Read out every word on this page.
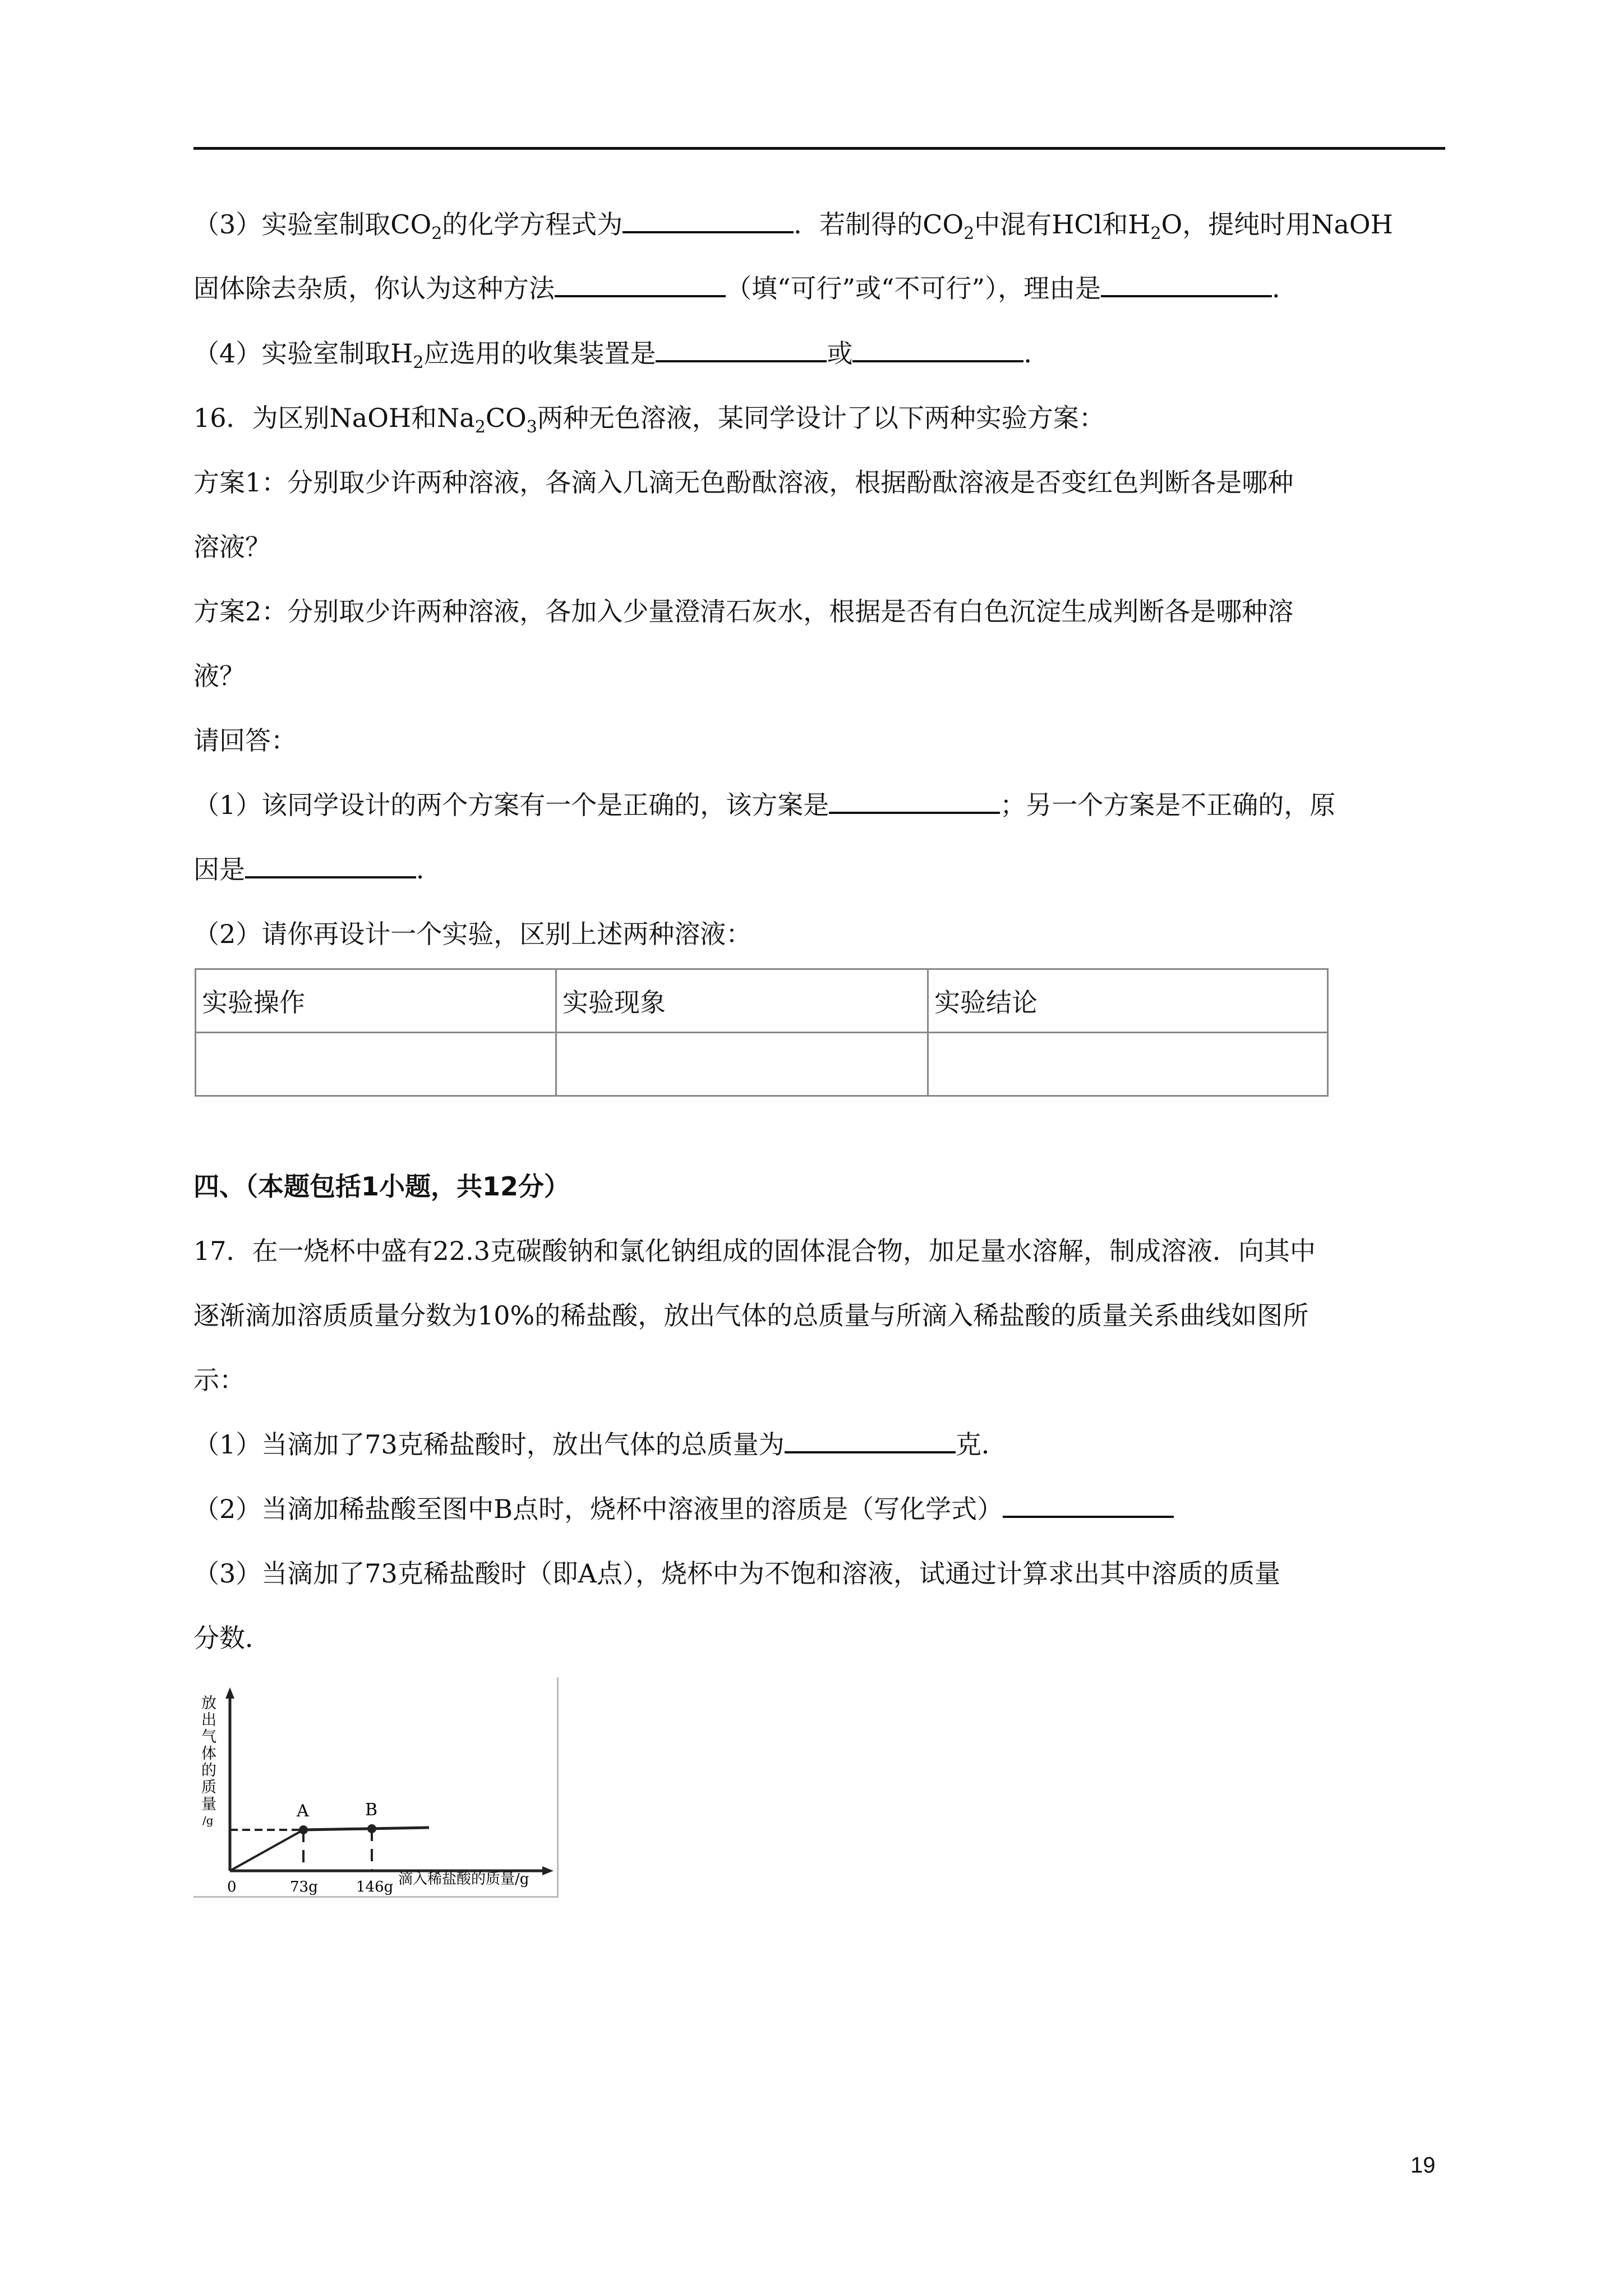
（3）实验室制取$CO_2$的化学方程式为	．若制得的$CO_2$中混有HCl和$H_2O$，提纯时用NaOH
固体除去杂质，你认为这种方法	（填“可行”或“不可行”），理由是	．
（4）实验室制取$H_2$应选用的收集装置是	或	．
16．为区别NaOH和$Na_2CO_3$两种无色溶液，某同学设计了以下两种实验方案：
方案1：分别取少许两种溶液，各滴入几滴无色酚酞溶液，根据酚酞溶液是否变红色判断各是哪种
溶液？
方案2：分别取少许两种溶液，各加入少量澄清石灰水，根据是否有白色沉淀生成判断各是哪种溶
液？
请回答：
（1）该同学设计的两个方案有一个是正确的，该方案是	；另一个方案是不正确的，原
因是	．
（2）请你再设计一个实验，区别上述两种溶液：
实验操作	实验现象	实验结论

四、（本题包括1小题，共12分）
17．在一烧杯中盛有22.3克碳酸钠和氯化钠组成的固体混合物，加足量水溶解，制成溶液．向其中
逐渐滴加溶质质量分数为10%的稀盐酸，放出气体的总质量与所滴入稀盐酸的质量关系曲线如图所
示：
（1）当滴加了73克稀盐酸时，放出气体的总质量为	克．
（2）当滴加稀盐酸至图中B点时，烧杯中溶液里的溶质是（写化学式）
（3）当滴加了73克稀盐酸时（即A点），烧杯中为不饱和溶液，试通过计算求出其中溶质的质量
分数．
A	B
放
出
气
体
的
质
量
/g
0	73g	146g 滴入稀盐酸的质量/g
19
